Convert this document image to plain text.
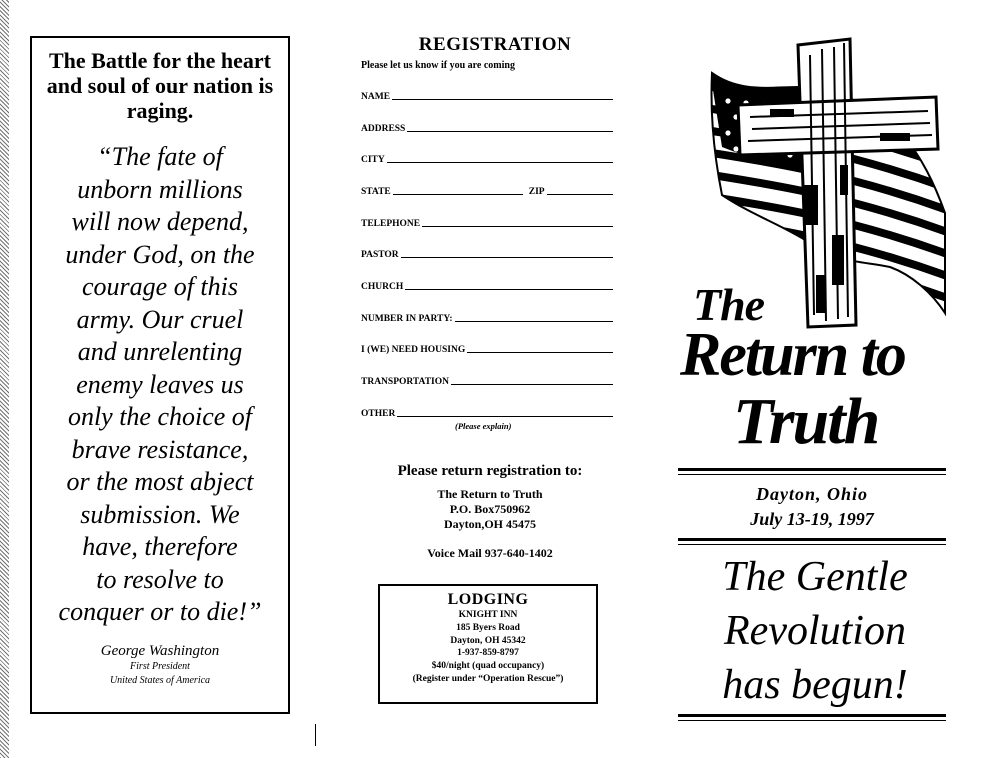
The Battle for the heart and soul of our nation is raging.
“The fate of
unborn millions
will now depend,
under God, on the
courage of this
army. Our cruel
and unrelenting
enemy leaves us
only the choice of
brave resistance,
or the most abject
submission. We
have, therefore
to resolve to
conquer or to die!”
George Washington
First President
United States of America
REGISTRATION
Please let us know if you are coming
NAME
ADDRESS
CITY
STATE	ZIP
TELEPHONE
PASTOR
CHURCH
NUMBER IN PARTY:
I (WE) NEED HOUSING
TRANSPORTATION
OTHER
(Please explain)
Please return registration to:
The Return to Truth
P.O. Box750962
Dayton,OH 45475
Voice Mail 937-640-1402
LODGING
KNIGHT INN
185 Byers Road
Dayton, OH 45342
1-937-859-8797
$40/night (quad occupancy)
(Register under “Operation Rescue”)
The
Return to
Truth
Dayton, Ohio
July 13-19, 1997
The Gentle
Revolution
has begun!
